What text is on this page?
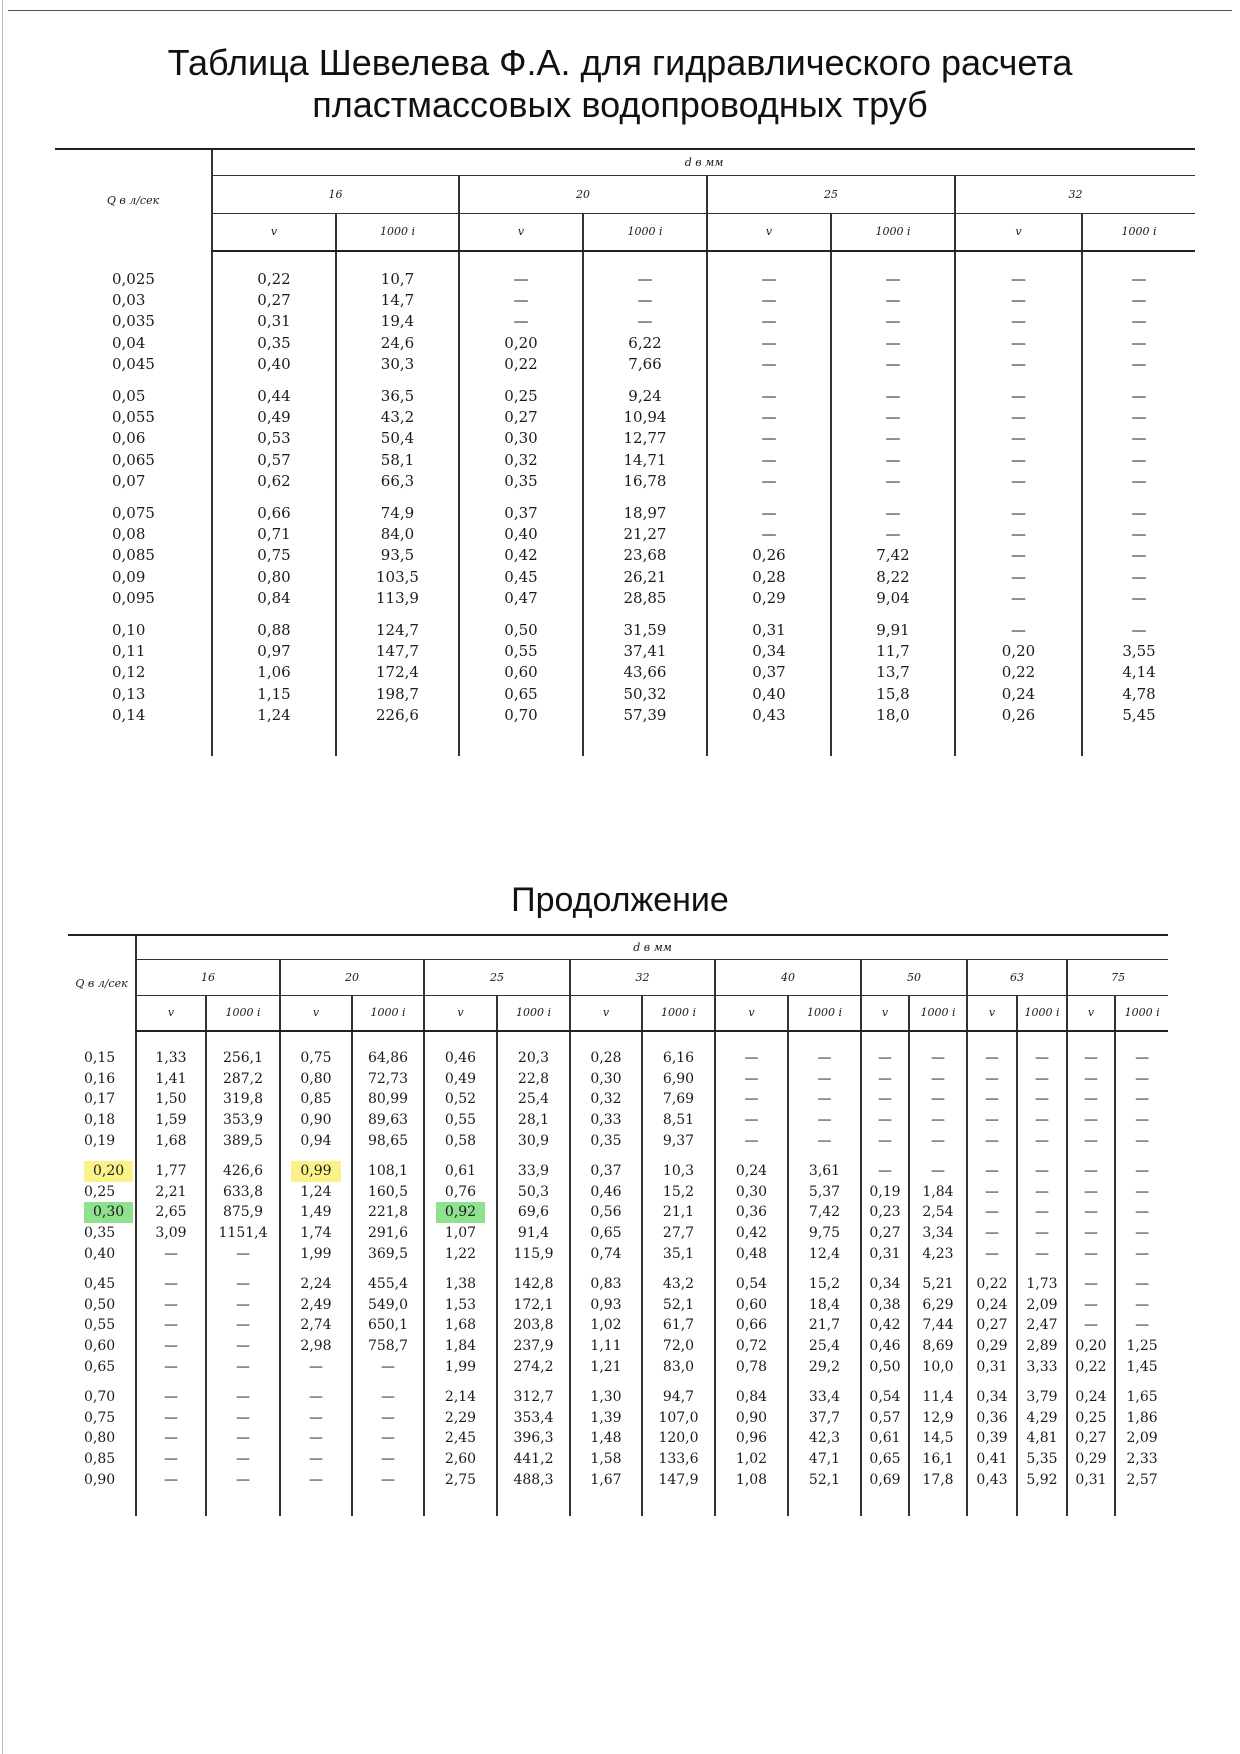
Таблица Шевелева Ф.А. для гидравлического расчета
пластмассовых водопроводных труб
Q в л/сек	d в мм							
	16		20		25		32	
	v	1000 i	v	1000 i	v	1000 i	v	1000 i

0,025	0,22	10,7	—	—	—	—	—	—
0,03	0,27	14,7	—	—	—	—	—	—
0,035	0,31	19,4	—	—	—	—	—	—
0,04	0,35	24,6	0,20	6,22	—	—	—	—
0,045	0,40	30,3	0,22	7,66	—	—	—	—

0,05	0,44	36,5	0,25	9,24	—	—	—	—
0,055	0,49	43,2	0,27	10,94	—	—	—	—
0,06	0,53	50,4	0,30	12,77	—	—	—	—
0,065	0,57	58,1	0,32	14,71	—	—	—	—
0,07	0,62	66,3	0,35	16,78	—	—	—	—

0,075	0,66	74,9	0,37	18,97	—	—	—	—
0,08	0,71	84,0	0,40	21,27	—	—	—	—
0,085	0,75	93,5	0,42	23,68	0,26	7,42	—	—
0,09	0,80	103,5	0,45	26,21	0,28	8,22	—	—
0,095	0,84	113,9	0,47	28,85	0,29	9,04	—	—

0,10	0,88	124,7	0,50	31,59	0,31	9,91	—	—
0,11	0,97	147,7	0,55	37,41	0,34	11,7	0,20	3,55
0,12	1,06	172,4	0,60	43,66	0,37	13,7	0,22	4,14
0,13	1,15	198,7	0,65	50,32	0,40	15,8	0,24	4,78
0,14	1,24	226,6	0,70	57,39	0,43	18,0	0,26	5,45

Продолжение
Q в л/сек	d в мм															
	16		20		25		32		40		50		63		75	
	v	1000 i	v	1000 i	v	1000 i	v	1000 i	v	1000 i	v	1000 i	v	1000 i	v	1000 i

0,15	1,33	256,1	0,75	64,86	0,46	20,3	0,28	6,16	—	—	—	—	—	—	—	—
0,16	1,41	287,2	0,80	72,73	0,49	22,8	0,30	6,90	—	—	—	—	—	—	—	—
0,17	1,50	319,8	0,85	80,99	0,52	25,4	0,32	7,69	—	—	—	—	—	—	—	—
0,18	1,59	353,9	0,90	89,63	0,55	28,1	0,33	8,51	—	—	—	—	—	—	—	—
0,19	1,68	389,5	0,94	98,65	0,58	30,9	0,35	9,37	—	—	—	—	—	—	—	—

0,20	1,77	426,6	0,99	108,1	0,61	33,9	0,37	10,3	0,24	3,61	—	—	—	—	—	—
0,25	2,21	633,8	1,24	160,5	0,76	50,3	0,46	15,2	0,30	5,37	0,19	1,84	—	—	—	—
0,30	2,65	875,9	1,49	221,8	0,92	69,6	0,56	21,1	0,36	7,42	0,23	2,54	—	—	—	—
0,35	3,09	1151,4	1,74	291,6	1,07	91,4	0,65	27,7	0,42	9,75	0,27	3,34	—	—	—	—
0,40	—	—	1,99	369,5	1,22	115,9	0,74	35,1	0,48	12,4	0,31	4,23	—	—	—	—

0,45	—	—	2,24	455,4	1,38	142,8	0,83	43,2	0,54	15,2	0,34	5,21	0,22	1,73	—	—
0,50	—	—	2,49	549,0	1,53	172,1	0,93	52,1	0,60	18,4	0,38	6,29	0,24	2,09	—	—
0,55	—	—	2,74	650,1	1,68	203,8	1,02	61,7	0,66	21,7	0,42	7,44	0,27	2,47	—	—
0,60	—	—	2,98	758,7	1,84	237,9	1,11	72,0	0,72	25,4	0,46	8,69	0,29	2,89	0,20	1,25
0,65	—	—	—	—	1,99	274,2	1,21	83,0	0,78	29,2	0,50	10,0	0,31	3,33	0,22	1,45

0,70	—	—	—	—	2,14	312,7	1,30	94,7	0,84	33,4	0,54	11,4	0,34	3,79	0,24	1,65
0,75	—	—	—	—	2,29	353,4	1,39	107,0	0,90	37,7	0,57	12,9	0,36	4,29	0,25	1,86
0,80	—	—	—	—	2,45	396,3	1,48	120,0	0,96	42,3	0,61	14,5	0,39	4,81	0,27	2,09
0,85	—	—	—	—	2,60	441,2	1,58	133,6	1,02	47,1	0,65	16,1	0,41	5,35	0,29	2,33
0,90	—	—	—	—	2,75	488,3	1,67	147,9	1,08	52,1	0,69	17,8	0,43	5,92	0,31	2,57
